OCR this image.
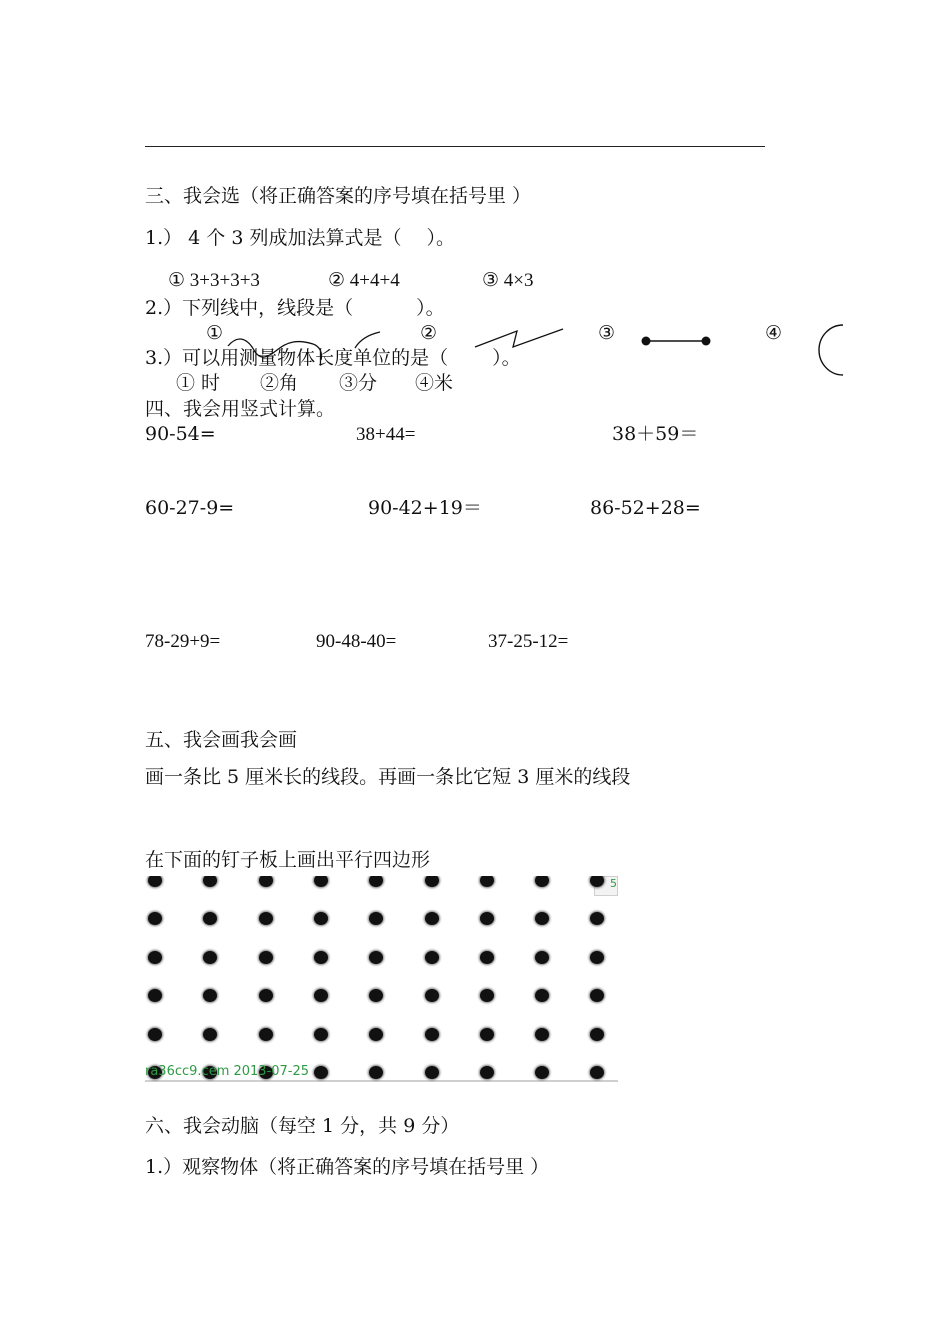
三、我会选（将正确答案的序号填在括号里 ）
1.） 4 个 3 列成加法算式是（　 ）。
① 3+3+3+3	② 4+4+4	③ 4×3
2.）下列线中，线段是（　　　 ）。
①	②	③	④
3.）可以用测量物体长度单位的是（　　 ）。
① 时 ②角 ③分 ④米
四、我会用竖式计算。
90-54=	38+44=	38＋59＝
60-27-9=	90-42+19＝	86-52+28=
78-29+9=	90-48-40=	37-25-12=
五、我会画我会画
画一条比 5 厘米长的线段。再画一条比它短 3 厘米的线段
在下面的钉子板上画出平行四边形
5
ra36cc9.cem 2013-07-25
六、我会动脑（每空 1 分，共 9 分）
1.）观察物体（将正确答案的序号填在括号里 ）
